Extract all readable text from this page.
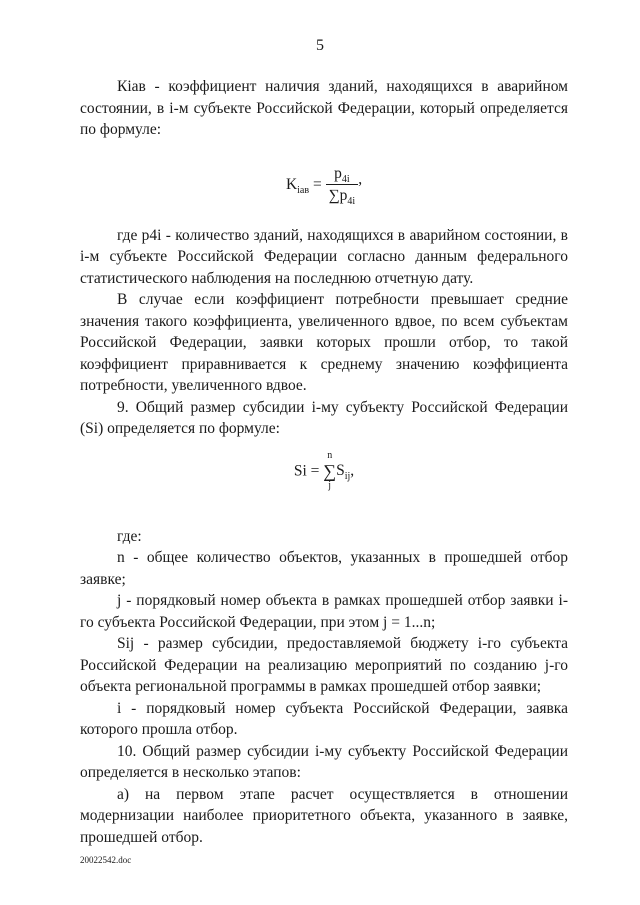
5

Кіав - коэффициент наличия зданий, находящихся в аварийном состоянии, в i-м субъекте Российской Федерации, который определяется по формуле:

$K_{iав} = \frac{p_{4i}}{\sum p_{4i}}$ ,

где p4i - количество зданий, находящихся в аварийном состоянии, в i-м субъекте Российской Федерации согласно данным федерального статистического наблюдения на последнюю отчетную дату.

В случае если коэффициент потребности превышает средние значения такого коэффициента, увеличенного вдвое, по всем субъектам Российской Федерации, заявки которых прошли отбор, то такой коэффициент приравнивается к среднему значению коэффициента потребности, увеличенного вдвое.

9. Общий размер субсидии i-му субъекту Российской Федерации (Si) определяется по формуле:

Si =
n
∑
j
$S_{ij}$,

где:

n - общее количество объектов, указанных в прошедшей отбор заявке;

j - порядковый номер объекта в рамках прошедшей отбор заявки i-го субъекта Российской Федерации, при этом j = 1...n;

Sij - размер субсидии, предоставляемой бюджету i-го субъекта Российской Федерации на реализацию мероприятий по созданию j-го объекта региональной программы в рамках прошедшей отбор заявки;

i - порядковый номер субъекта Российской Федерации, заявка которого прошла отбор.

10. Общий размер субсидии i-му субъекту Российской Федерации определяется в несколько этапов:

а) на первом этапе расчет осуществляется в отношении модернизации наиболее приоритетного объекта, указанного в заявке, прошедшей отбор.

20022542.doc
